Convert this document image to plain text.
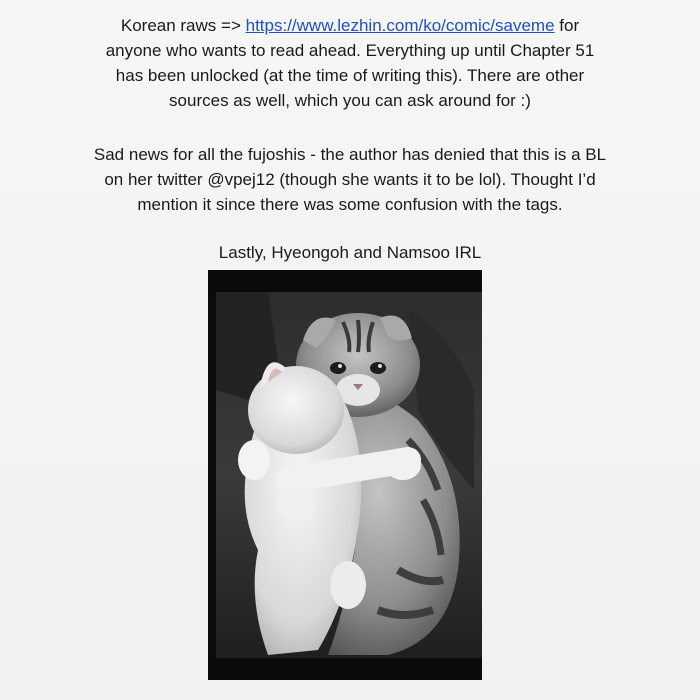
Korean raws => https://www.lezhin.com/ko/comic/saveme for
anyone who wants to read ahead. Everything up until Chapter 51
has been unlocked (at the time of writing this). There are other
sources as well, which you can ask around for :)
Sad news for all the fujoshis - the author has denied that this is a BL
on her twitter @vpej12 (though she wants it to be lol). Thought I’d
mention it since there was some confusion with the tags.
Lastly, Hyeongoh and Namsoo IRL
